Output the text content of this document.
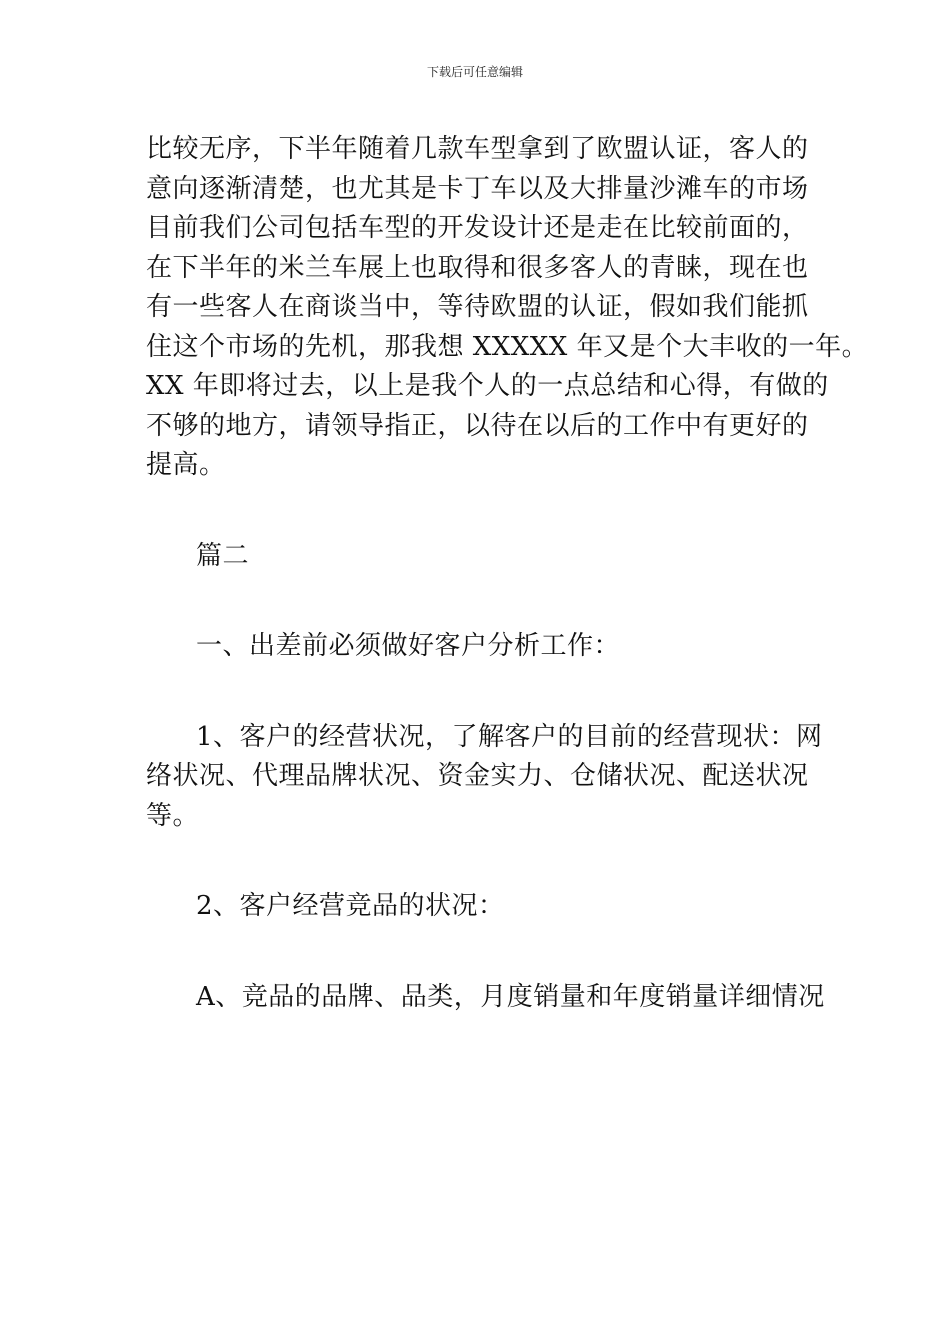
下载后可任意编辑
比较无序，下半年随着几款车型拿到了欧盟认证，客人的
意向逐渐清楚，也尤其是卡丁车以及大排量沙滩车的市场
目前我们公司包括车型的开发设计还是走在比较前面的，
在下半年的米兰车展上也取得和很多客人的青睐，现在也
有一些客人在商谈当中，等待欧盟的认证，假如我们能抓
住这个市场的先机，那我想 XXXXX 年又是个大丰收的一年。
XX 年即将过去，以上是我个人的一点总结和心得，有做的
不够的地方，请领导指正，以待在以后的工作中有更好的
提高。
篇二
一、出差前必须做好客户分析工作：
1、客户的经营状况，了解客户的目前的经营现状：网
络状况、代理品牌状况、资金实力、仓储状况、配送状况
等。
2、客户经营竞品的状况：
A、竞品的品牌、品类，月度销量和年度销量详细情况
